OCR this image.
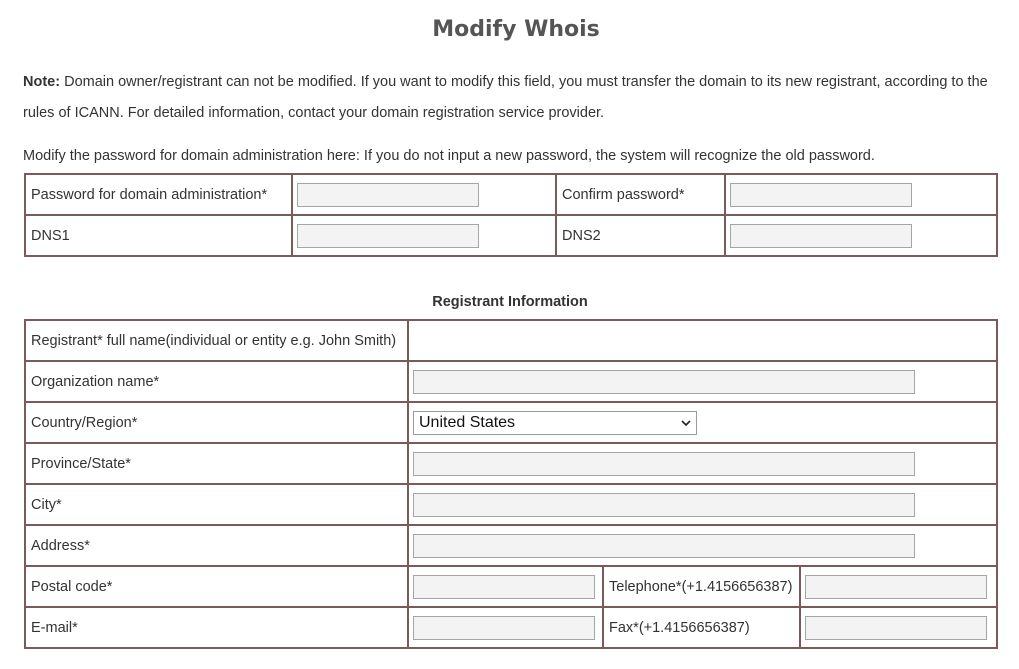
Modify Whois
Note: Domain owner/registrant can not be modified. If you want to modify this field, you must transfer the domain to its new registrant, according to the rules of ICANN. For detailed information, contact your domain registration service provider.
Modify the password for domain administration here: If you do not input a new password, the system will recognize the old password.
Password for domain administration*		Confirm password*	

DNS1		DNS2	
Registrant Information
Registrant* full name(individual or entity e.g. John Smith)			
Organization name*	

Country/Region*	United States		

Province/State*	

City*	

Address*	

Postal code*		Telephone*(+1.4156656387)	

E-mail*		Fax*(+1.4156656387)	
